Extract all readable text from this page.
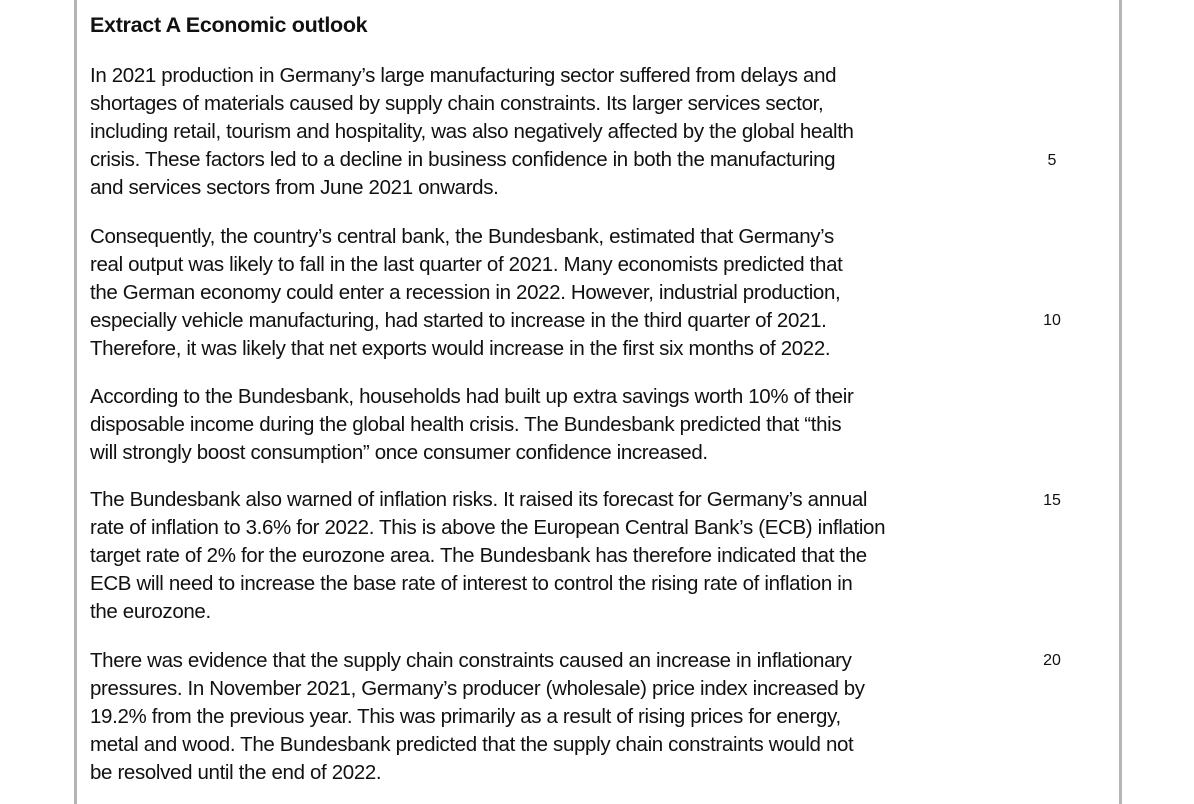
Extract A Economic outlook

In 2021 production in Germany’s large manufacturing sector suffered from delays and
shortages of materials caused by supply chain constraints. Its larger services sector,
including retail, tourism and hospitality, was also negatively affected by the global health
crisis. These factors led to a decline in business confidence in both the manufacturing
and services sectors from June 2021 onwards.

Consequently, the country’s central bank, the Bundesbank, estimated that Germany’s
real output was likely to fall in the last quarter of 2021. Many economists predicted that
the German economy could enter a recession in 2022. However, industrial production,
especially vehicle manufacturing, had started to increase in the third quarter of 2021.
Therefore, it was likely that net exports would increase in the first six months of 2022.

According to the Bundesbank, households had built up extra savings worth 10% of their
disposable income during the global health crisis. The Bundesbank predicted that “this
will strongly boost consumption” once consumer confidence increased.

The Bundesbank also warned of inflation risks. It raised its forecast for Germany’s annual
rate of inflation to 3.6% for 2022. This is above the European Central Bank’s (ECB) inflation
target rate of 2% for the eurozone area. The Bundesbank has therefore indicated that the
ECB will need to increase the base rate of interest to control the rising rate of inflation in
the eurozone.

There was evidence that the supply chain constraints caused an increase in inflationary
pressures. In November 2021, Germany’s producer (wholesale) price index increased by
19.2% from the previous year. This was primarily as a result of rising prices for energy,
metal and wood. The Bundesbank predicted that the supply chain constraints would not
be resolved until the end of 2022.

5
10
15
20
